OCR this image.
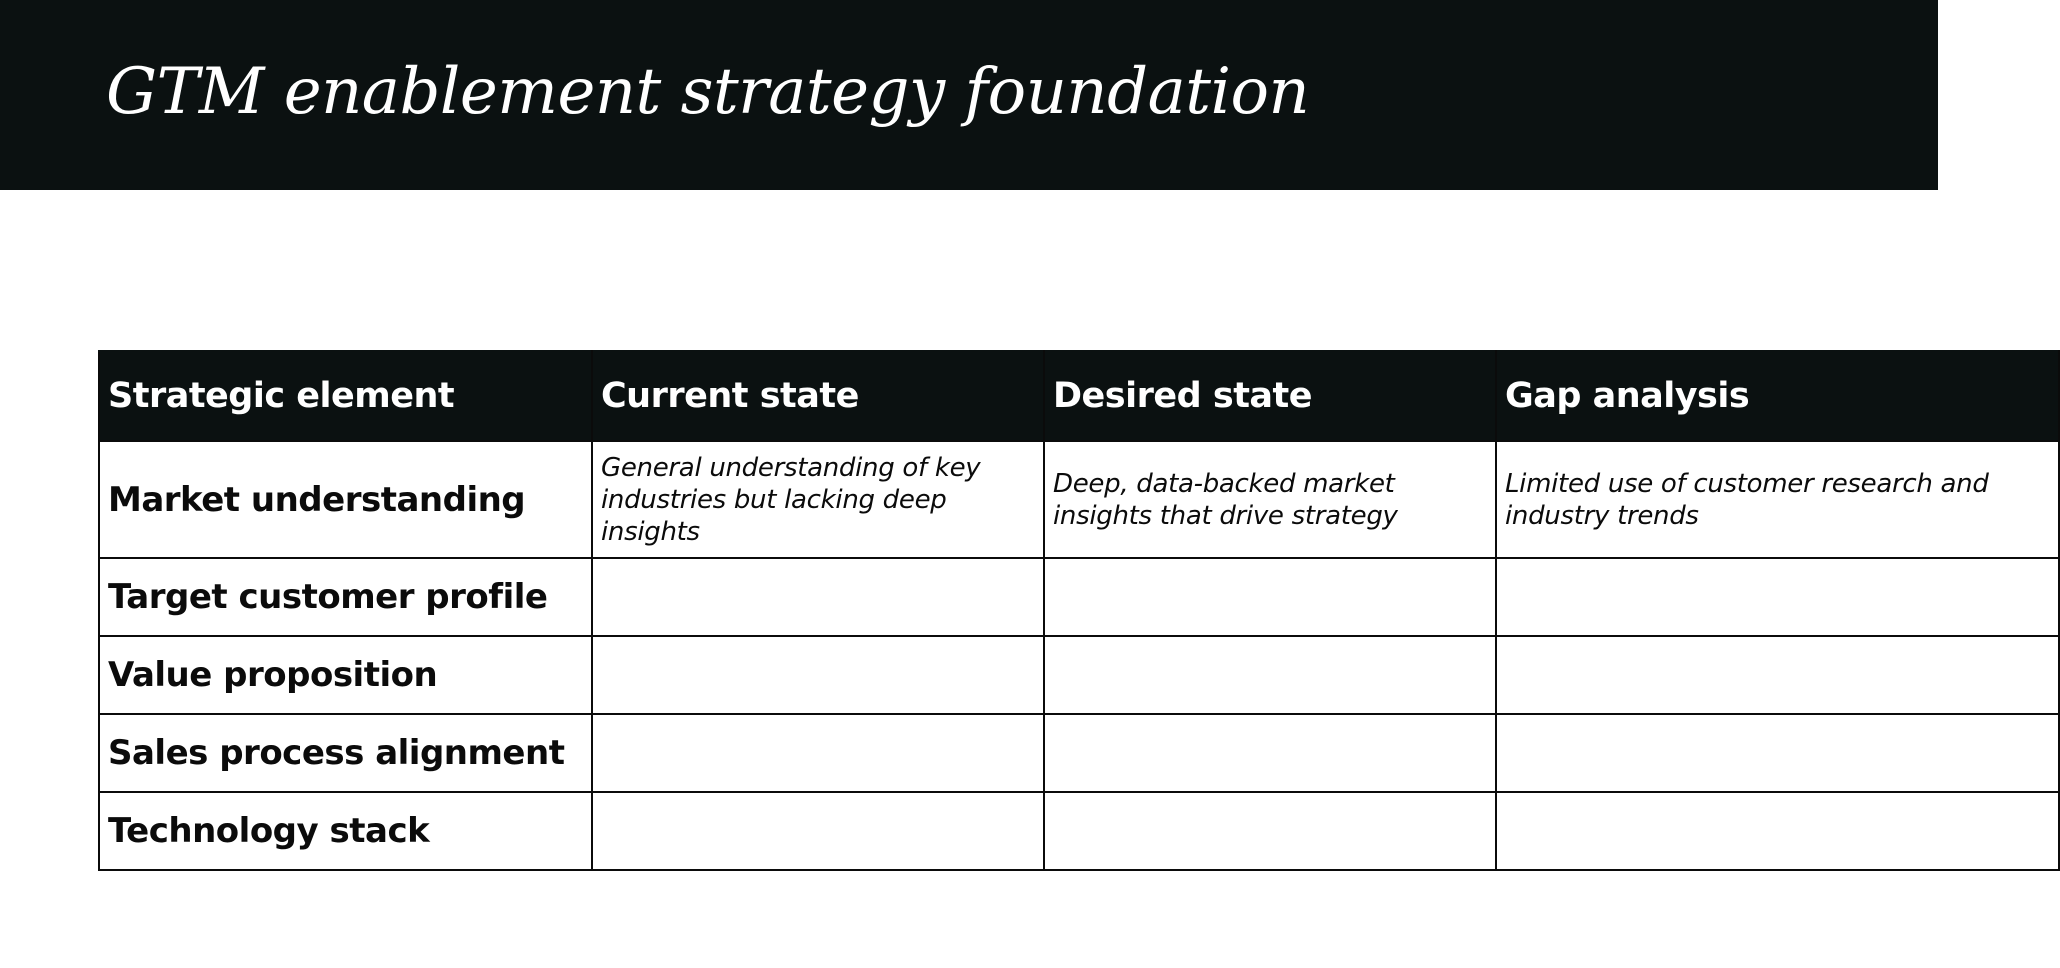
GTM enablement strategy foundation
Strategic element	Current state	Desired state	Gap analysis
Market understanding	General understanding of key industries but lacking deep insights	Deep, data-backed market insights that drive strategy	Limited use of customer research and industry trends
Target customer profile			
Value proposition			
Sales process alignment			
Technology stack			
